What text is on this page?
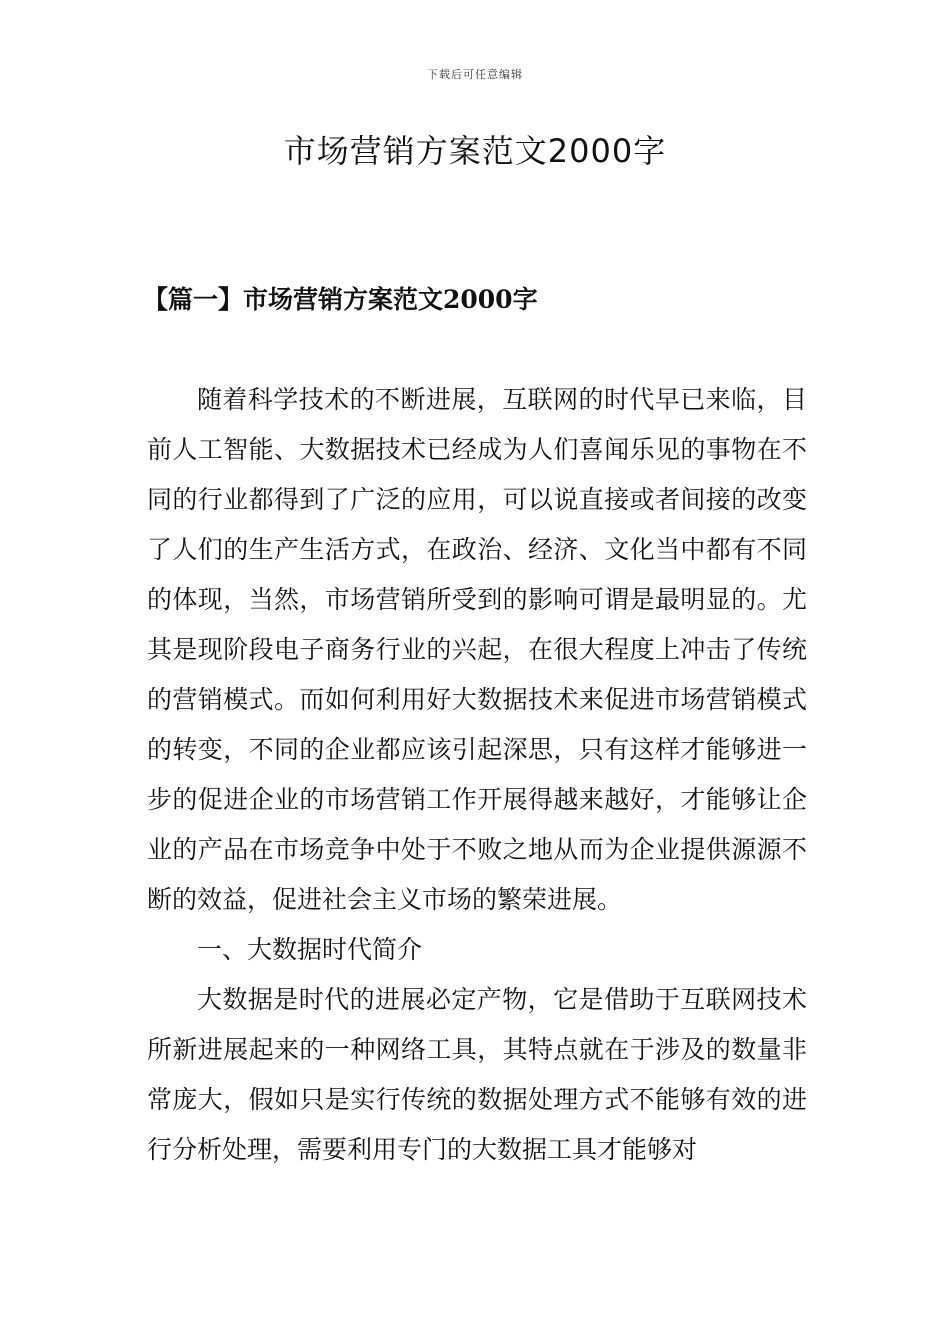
下载后可任意编辑
市场营销方案范文2000字
【篇一】市场营销方案范文2000字

随着科学技术的不断进展，互联网的时代早已来临，目前人工智能、大数据技术已经成为人们喜闻乐见的事物在不同的行业都得到了广泛的应用，可以说直接或者间接的改变了人们的生产生活方式，在政治、经济、文化当中都有不同的体现，当然，市场营销所受到的影响可谓是最明显的。尤其是现阶段电子商务行业的兴起，在很大程度上冲击了传统的营销模式。而如何利用好大数据技术来促进市场营销模式的转变，不同的企业都应该引起深思，只有这样才能够进一步的促进企业的市场营销工作开展得越来越好，才能够让企业的产品在市场竞争中处于不败之地从而为企业提供源源不断的效益，促进社会主义市场的繁荣进展。

一、大数据时代简介

大数据是时代的进展必定产物，它是借助于互联网技术所新进展起来的一种网络工具，其特点就在于涉及的数量非常庞大，假如只是实行传统的数据处理方式不能够有效的进行分析处理，需要利用专门的大数据工具才能够对
